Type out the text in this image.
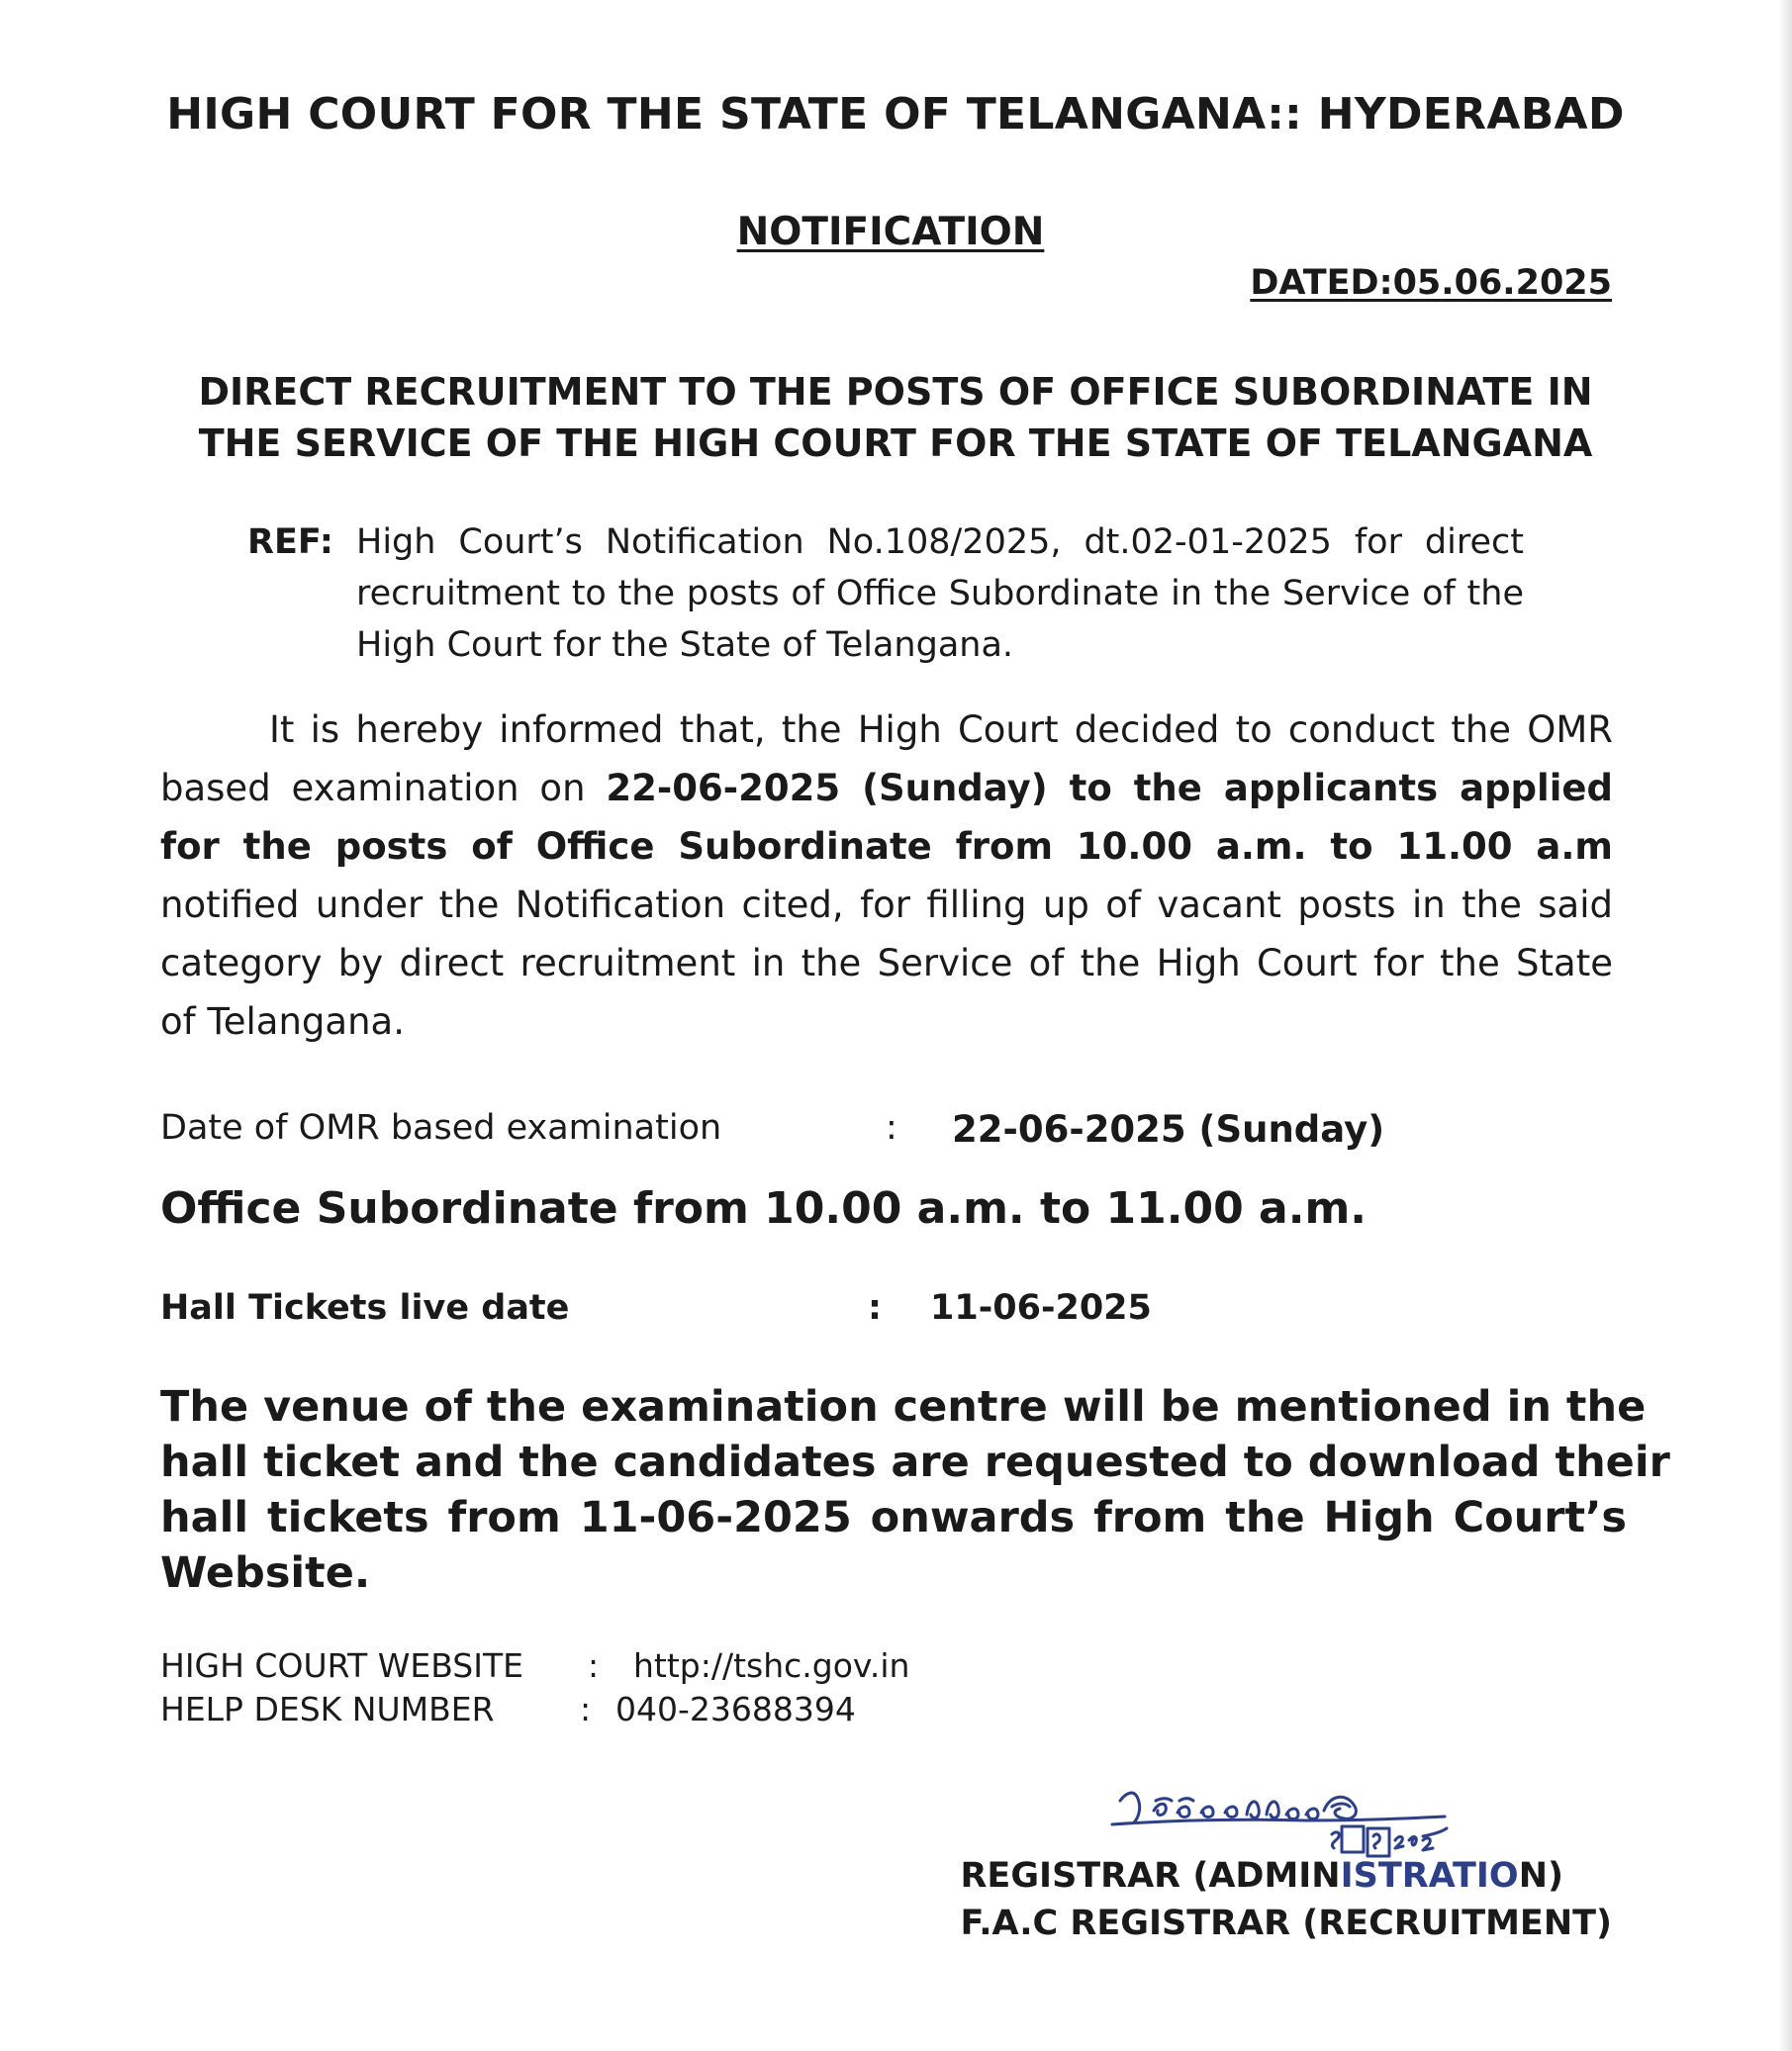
HIGH COURT FOR THE STATE OF TELANGANA:: HYDERABAD
NOTIFICATION
DATED:05.06.2025
DIRECT RECRUITMENT TO THE POSTS OF OFFICE SUBORDINATE IN
THE SERVICE OF THE HIGH COURT FOR THE STATE OF TELANGANA
REF: High Court’s Notification No.108/2025, dt.02-01-2025 for direct
recruitment to the posts of Office Subordinate in the Service of the
High Court for the State of Telangana.
It is hereby informed that, the High Court decided to conduct the OMR
based examination on 22-06-2025 (Sunday) to the applicants applied
for the posts of Office Subordinate from 10.00 a.m. to 11.00 a.m
notified under the Notification cited, for filling up of vacant posts in the said
category by direct recruitment in the Service of the High Court for the State
of Telangana.
Date of OMR based examination	: 22-06-2025 (Sunday)
Office Subordinate from 10.00 a.m. to 11.00 a.m.
Hall Tickets live date	: 11-06-2025
The venue of the examination centre will be mentioned in the
hall ticket and the candidates are requested to download their
hall tickets from 11-06-2025 onwards from the High Court’s
Website.
HIGH COURT WEBSITE : http://tshc.gov.in
HELP DESK NUMBER	: 040-23688394
REGISTRAR (ADMINISTRATION)
F.A.C REGISTRAR (RECRUITMENT)
